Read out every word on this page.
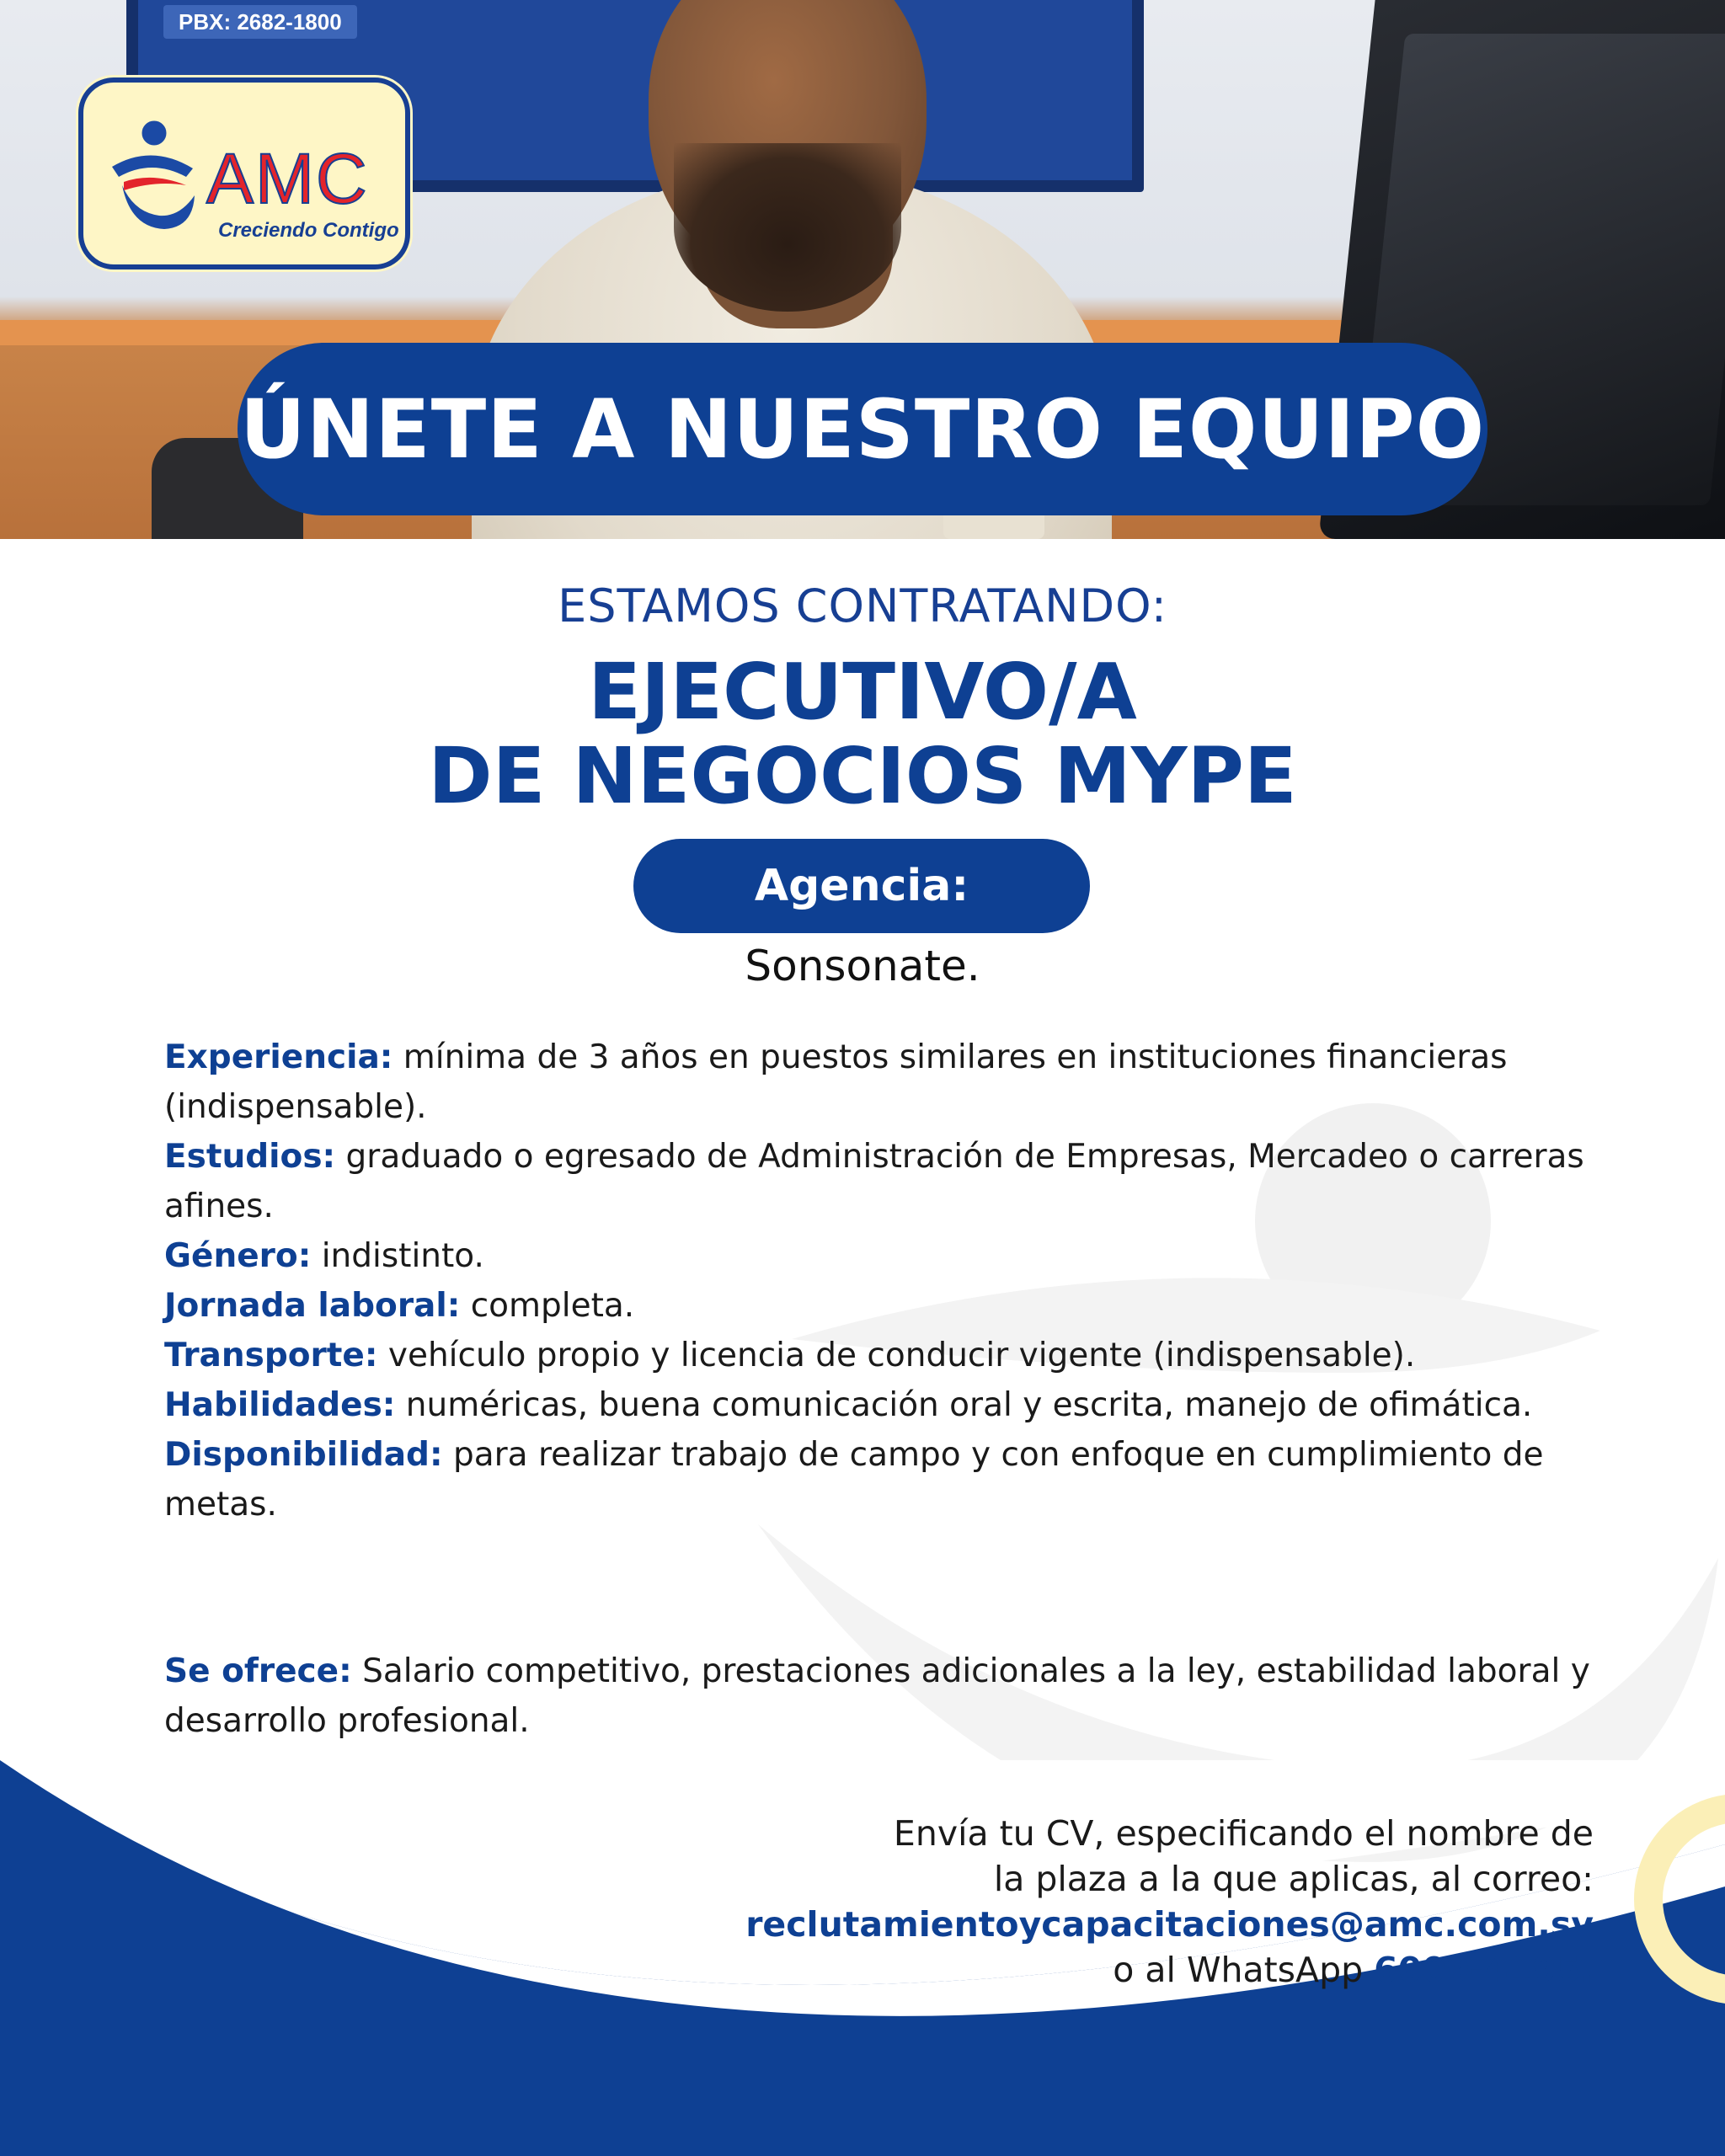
PBX: 2682-1800
AMC
Creciendo Contigo
ÚNETE A NUESTRO EQUIPO
ESTAMOS CONTRATANDO:
EJECUTIVO/A
DE NEGOCIOS MYPE
Agencia:
Sonsonate.

Experiencia: mínima de 3 años en puestos similares en instituciones financieras (indispensable).

Estudios: graduado o egresado de Administración de Empresas, Mercadeo o carreras afines.

Género: indistinto.

Jornada laboral: completa.

Transporte: vehículo propio y licencia de conducir vigente (indispensable).

Habilidades: numéricas, buena comunicación oral y escrita, manejo de ofimática.

Disponibilidad: para realizar trabajo de campo y con enfoque en cumplimiento de metas.

Se ofrece: Salario competitivo, prestaciones adicionales a la ley, estabilidad laboral y desarrollo profesional.
Envía tu CV, especificando el nombre de
la plaza a la que aplicas, al correo:
reclutamientoycapacitaciones@amc.com.sv
o al WhatsApp 6009-4195.
